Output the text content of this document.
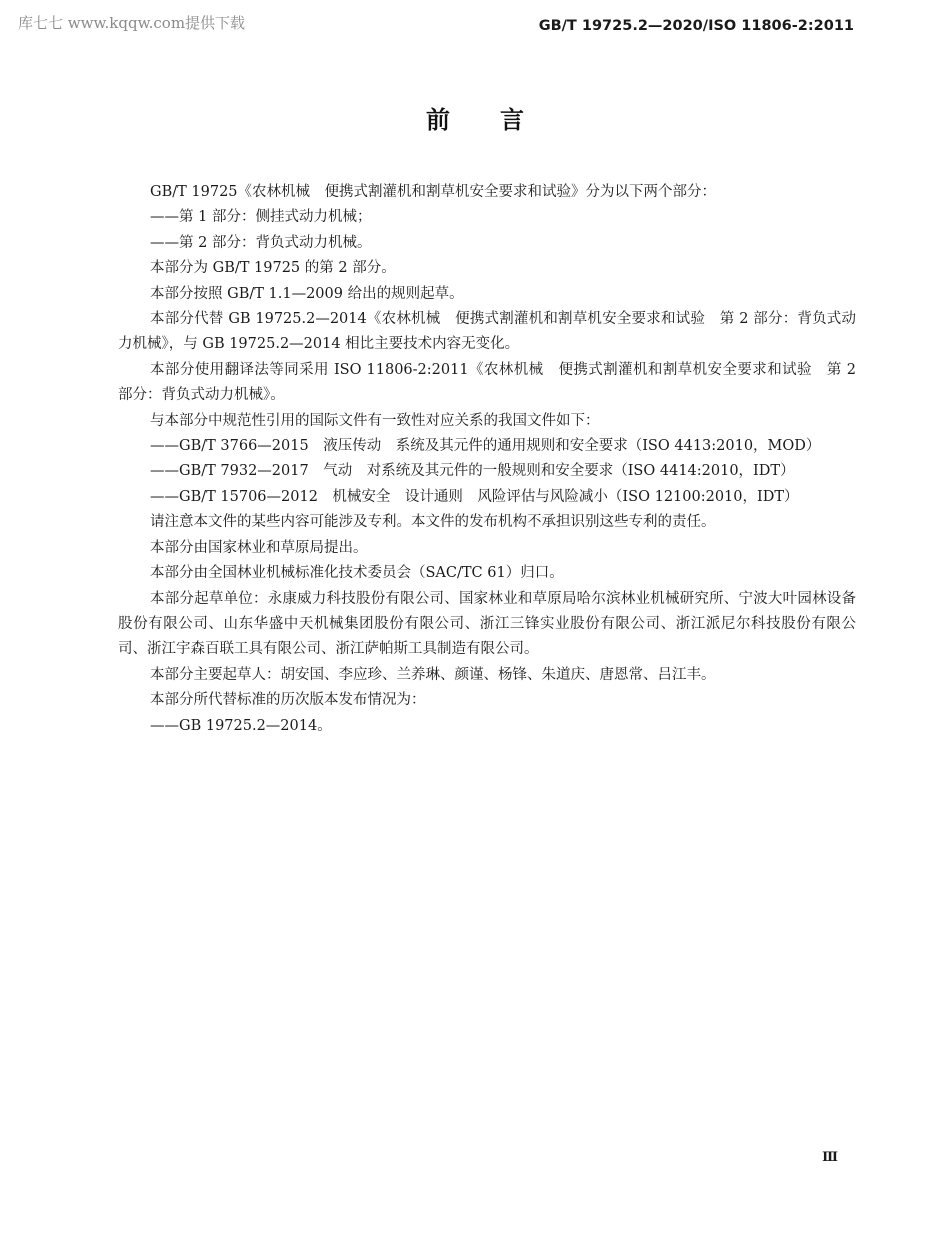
库七七 www.kqqw.com提供下载	GB/T 19725.2—2020/ISO 11806-2:2011
前言

GB/T 19725《农林机械　便携式割灌机和割草机安全要求和试验》分为以下两个部分：

——第 1 部分：侧挂式动力机械；

——第 2 部分：背负式动力机械。

本部分为 GB/T 19725 的第 2 部分。

本部分按照 GB/T 1.1—2009 给出的规则起草。

本部分代替 GB 19725.2—2014《农林机械　便携式割灌机和割草机安全要求和试验　第 2 部分：背负式动力机械》，与 GB 19725.2—2014 相比主要技术内容无变化。

本部分使用翻译法等同采用 ISO 11806-2:2011《农林机械　便携式割灌机和割草机安全要求和试验　第 2 部分：背负式动力机械》。

与本部分中规范性引用的国际文件有一致性对应关系的我国文件如下：

——GB/T 3766—2015　液压传动　系统及其元件的通用规则和安全要求（ISO 4413:2010，MOD）

——GB/T 7932—2017　气动　对系统及其元件的一般规则和安全要求（ISO 4414:2010，IDT）

——GB/T 15706—2012　机械安全　设计通则　风险评估与风险减小（ISO 12100:2010，IDT）

请注意本文件的某些内容可能涉及专利。本文件的发布机构不承担识别这些专利的责任。

本部分由国家林业和草原局提出。

本部分由全国林业机械标准化技术委员会（SAC/TC 61）归口。

本部分起草单位：永康威力科技股份有限公司、国家林业和草原局哈尔滨林业机械研究所、宁波大叶园林设备股份有限公司、山东华盛中天机械集团股份有限公司、浙江三锋实业股份有限公司、浙江派尼尔科技股份有限公司、浙江宇森百联工具有限公司、浙江萨帕斯工具制造有限公司。

本部分主要起草人：胡安国、李应珍、兰养琳、颜谨、杨锋、朱道庆、唐恩常、吕江丰。

本部分所代替标准的历次版本发布情况为：

——GB 19725.2—2014。

Ⅲ
